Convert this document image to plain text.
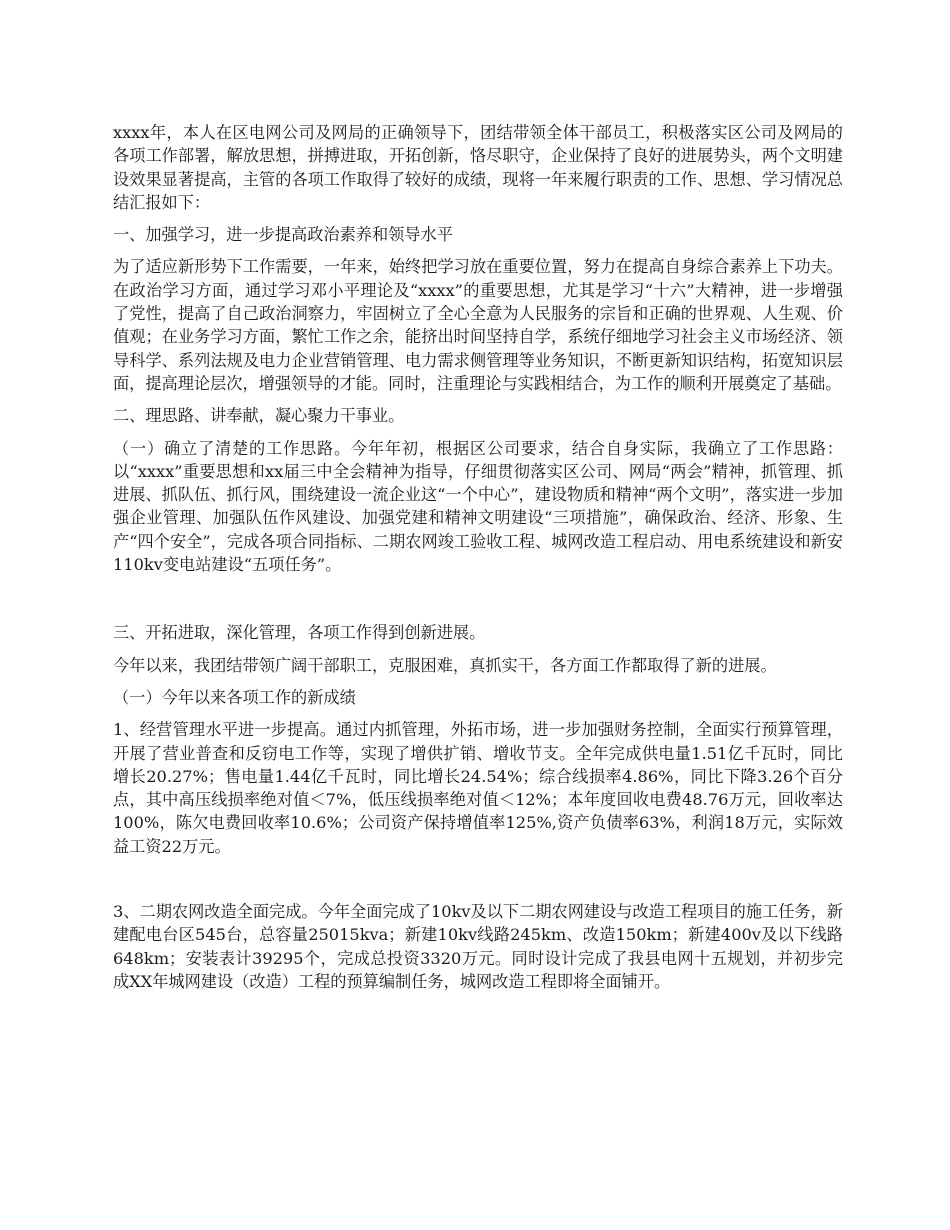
xxxx年，本人在区电网公司及网局的正确领导下，团结带领全体干部员工，积极落实区公司及网局的各项工作部署，解放思想，拼搏进取，开拓创新，恪尽职守，企业保持了良好的进展势头，两个文明建设效果显著提高，主管的各项工作取得了较好的成绩，现将一年来履行职责的工作、思想、学习情况总结汇报如下：

一、加强学习，进一步提高政治素养和领导水平

为了适应新形势下工作需要，一年来，始终把学习放在重要位置，努力在提高自身综合素养上下功夫。在政治学习方面，通过学习邓小平理论及“xxxx”的重要思想，尤其是学习“十六”大精神，进一步增强了党性，提高了自己政治洞察力，牢固树立了全心全意为人民服务的宗旨和正确的世界观、人生观、价值观；在业务学习方面，繁忙工作之余，能挤出时间坚持自学，系统仔细地学习社会主义市场经济、领导科学、系列法规及电力企业营销管理、电力需求侧管理等业务知识，不断更新知识结构，拓宽知识层面，提高理论层次，增强领导的才能。同时，注重理论与实践相结合，为工作的顺利开展奠定了基础。

二、理思路、讲奉献，凝心聚力干事业。

（一）确立了清楚的工作思路。今年年初，根据区公司要求，结合自身实际，我确立了工作思路：以“xxxx”重要思想和xx届三中全会精神为指导，仔细贯彻落实区公司、网局“两会”精神，抓管理、抓进展、抓队伍、抓行风，围绕建设一流企业这“一个中心”，建设物质和精神“两个文明”，落实进一步加强企业管理、加强队伍作风建设、加强党建和精神文明建设“三项措施”，确保政治、经济、形象、生产“四个安全”，完成各项合同指标、二期农网竣工验收工程、城网改造工程启动、用电系统建设和新安110kv变电站建设“五项任务”。

三、开拓进取，深化管理，各项工作得到创新进展。

今年以来，我团结带领广阔干部职工，克服困难，真抓实干，各方面工作都取得了新的进展。

（一）今年以来各项工作的新成绩

1、经营管理水平进一步提高。通过内抓管理，外拓市场，进一步加强财务控制，全面实行预算管理，开展了营业普查和反窃电工作等，实现了增供扩销、增收节支。全年完成供电量1.51亿千瓦时，同比增长20.27%；售电量1.44亿千瓦时，同比增长24.54%；综合线损率4.86%，同比下降3.26个百分点，其中高压线损率绝对值＜7%，低压线损率绝对值＜12%；本年度回收电费48.76万元，回收率达100%，陈欠电费回收率10.6%；公司资产保持增值率125%,资产负债率63%，利润18万元，实际效益工资22万元。

3、二期农网改造全面完成。今年全面完成了10kv及以下二期农网建设与改造工程项目的施工任务，新建配电台区545台，总容量25015kva；新建10kv线路245km、改造150km；新建400v及以下线路648km；安装表计39295个，完成总投资3320万元。同时设计完成了我县电网十五规划，并初步完成XX年城网建设（改造）工程的预算编制任务，城网改造工程即将全面铺开。
